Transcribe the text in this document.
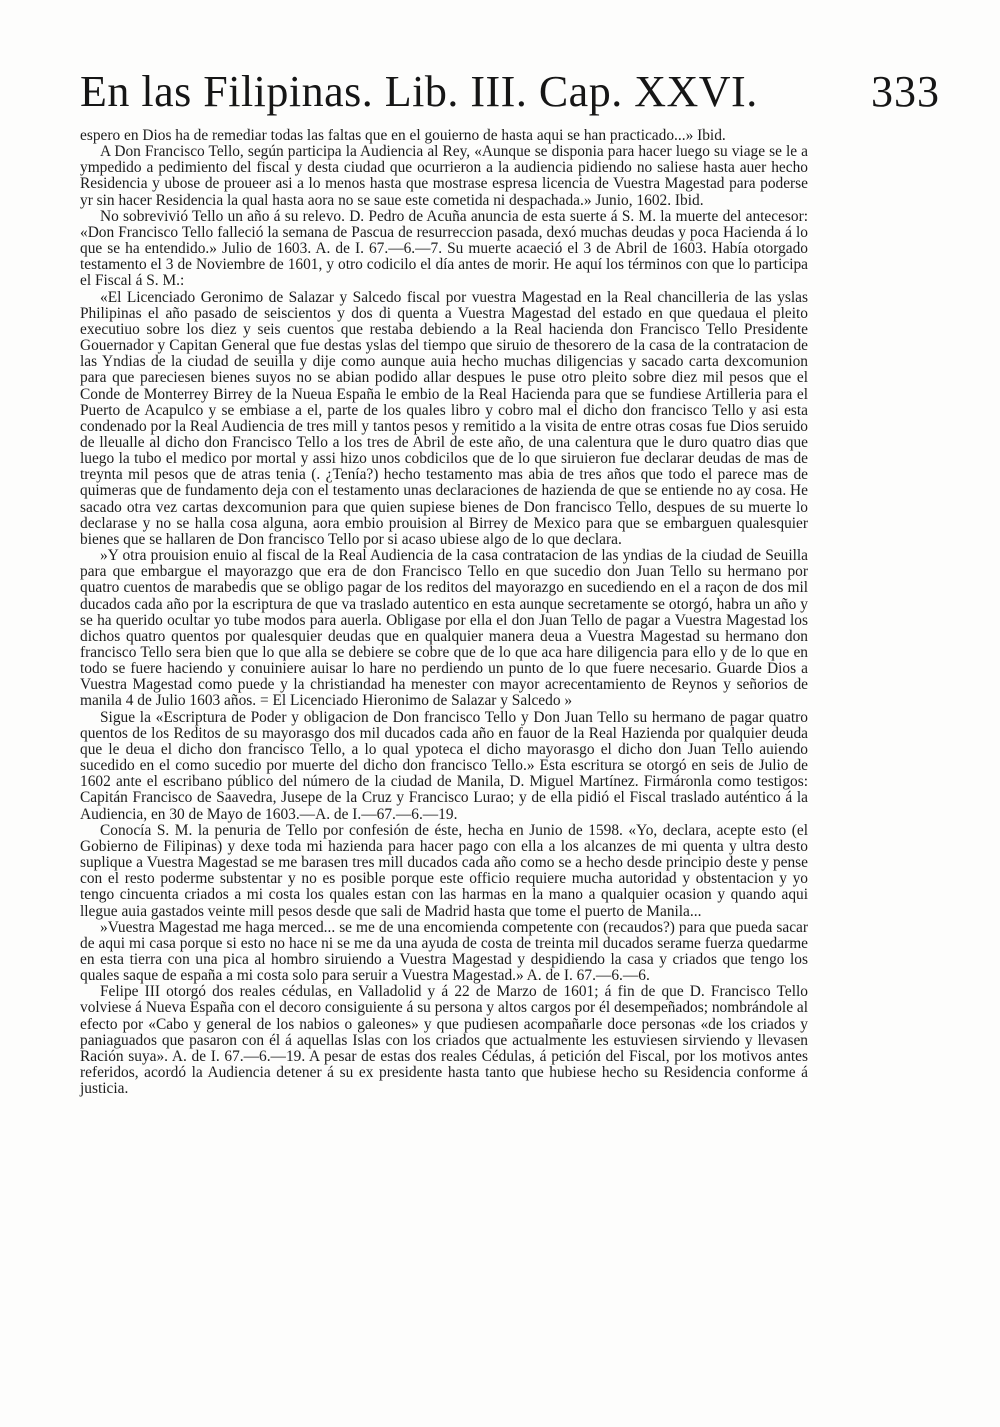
En las Filipinas. Lib. III. Cap. XXVI.	333

espero en Dios ha de remediar todas las faltas que en el gouierno de hasta aqui se han practicado...» Ibid.

A Don Francisco Tello, según participa la Audiencia al Rey, «Aunque se disponia para hacer luego su viage se le a ympedido a pedimiento del fiscal y desta ciudad que ocurrieron a la audiencia pidiendo no saliese hasta auer hecho Residencia y ubose de proueer asi a lo menos hasta que mostrase espresa licencia de Vuestra Magestad para poderse yr sin hacer Residencia la qual hasta aora no se saue este cometida ni despachada.» Junio, 1602. Ibid.

No sobrevivió Tello un año á su relevo. D. Pedro de Acuña anuncia de esta suerte á S. M. la muerte del antecesor: «Don Francisco Tello falleció la semana de Pascua de resurreccion pasada, dexó muchas deudas y poca Hacienda á lo que se ha entendido.» Julio de 1603. A. de I. 67.—6.—7. Su muerte acaeció el 3 de Abril de 1603. Había otorgado testamento el 3 de Noviembre de 1601, y otro codicilo el día antes de morir. He aquí los términos con que lo participa el Fiscal á S. M.:

«El Licenciado Geronimo de Salazar y Salcedo fiscal por vuestra Magestad en la Real chancilleria de las yslas Philipinas el año pasado de seiscientos y dos di quenta a Vuestra Magestad del estado en que quedaua el pleito executiuo sobre los diez y seis cuentos que restaba debiendo a la Real hacienda don Francisco Tello Presidente Gouernador y Capitan General que fue destas yslas del tiempo que siruio de thesorero de la casa de la contratacion de las Yndias de la ciudad de seuilla y dije como aunque auia hecho muchas diligencias y sacado carta dexcomunion para que pareciesen bienes suyos no se abian podido allar despues le puse otro pleito sobre diez mil pesos que el Conde de Monterrey Birrey de la Nueua España le embio de la Real Hacienda para que se fundiese Artilleria para el Puerto de Acapulco y se embiase a el, parte de los quales libro y cobro mal el dicho don francisco Tello y asi esta condenado por la Real Audiencia de tres mill y tantos pesos y remitido a la visita de entre otras cosas fue Dios seruido de lleualle al dicho don Francisco Tello a los tres de Abril de este año, de una calentura que le duro quatro dias que luego la tubo el medico por mortal y assi hizo unos cobdicilos que de lo que siruieron fue declarar deudas de mas de treynta mil pesos que de atras tenia (. ¿Tenía?) hecho testamento mas abia de tres años que todo el parece mas de quimeras que de fundamento deja con el testamento unas declaraciones de hazienda de que se entiende no ay cosa. He sacado otra vez cartas dexcomunion para que quien supiese bienes de Don francisco Tello, despues de su muerte lo declarase y no se halla cosa alguna, aora embio prouision al Birrey de Mexico para que se embarguen qualesquier bienes que se hallaren de Don francisco Tello por si acaso ubiese algo de lo que declara.

»Y otra prouision enuio al fiscal de la Real Audiencia de la casa contratacion de las yndias de la ciudad de Seuilla para que embargue el mayorazgo que era de don Francisco Tello en que sucedio don Juan Tello su hermano por quatro cuentos de marabedis que se obligo pagar de los reditos del mayorazgo en sucediendo en el a raçon de dos mil ducados cada año por la escriptura de que va traslado autentico en esta aunque secretamente se otorgó, habra un año y se ha querido ocultar yo tube modos para auerla. Obligase por ella el don Juan Tello de pagar a Vuestra Magestad los dichos quatro quentos por qualesquier deudas que en qualquier manera deua a Vuestra Magestad su hermano don francisco Tello sera bien que lo que alla se debiere se cobre que de lo que aca hare diligencia para ello y de lo que en todo se fuere haciendo y conuiniere auisar lo hare no perdiendo un punto de lo que fuere necesario. Guarde Dios a Vuestra Magestad como puede y la christiandad ha menester con mayor acrecentamiento de Reynos y señorios de manila 4 de Julio 1603 años. = El Licenciado Hieronimo de Salazar y Salcedo »

Sigue la «Escriptura de Poder y obligacion de Don francisco Tello y Don Juan Tello su hermano de pagar quatro quentos de los Reditos de su mayorasgo dos mil ducados cada año en fauor de la Real Hazienda por qualquier deuda que le deua el dicho don francisco Tello, a lo qual ypoteca el dicho mayorasgo el dicho don Juan Tello auiendo sucedido en el como sucedio por muerte del dicho don francisco Tello.» Esta escritura se otorgó en seis de Julio de 1602 ante el escribano público del número de la ciudad de Manila, D. Miguel Martínez. Firmáronla como testigos: Capitán Francisco de Saavedra, Jusepe de la Cruz y Francisco Lurao; y de ella pidió el Fiscal traslado auténtico á la Audiencia, en 30 de Mayo de 1603.—A. de I.—67.—6.—19.

Conocía S. M. la penuria de Tello por confesión de éste, hecha en Junio de 1598. «Yo, declara, acepte esto (el Gobierno de Filipinas) y dexe toda mi hazienda para hacer pago con ella a los alcanzes de mi quenta y ultra desto suplique a Vuestra Magestad se me barasen tres mill ducados cada año como se a hecho desde principio deste y pense con el resto poderme substentar y no es posible porque este officio requiere mucha autoridad y obstentacion y yo tengo cincuenta criados a mi costa los quales estan con las harmas en la mano a qualquier ocasion y quando aqui llegue auia gastados veinte mill pesos desde que sali de Madrid hasta que tome el puerto de Manila...

»Vuestra Magestad me haga merced... se me de una encomienda competente con (recaudos?) para que pueda sacar de aqui mi casa porque si esto no hace ni se me da una ayuda de costa de treinta mil ducados serame fuerza quedarme en esta tierra con una pica al hombro siruiendo a Vuestra Magestad y despidiendo la casa y criados que tengo los quales saque de españa a mi costa solo para seruir a Vuestra Magestad.» A. de I. 67.—6.—6.

Felipe III otorgó dos reales cédulas, en Valladolid y á 22 de Marzo de 1601; á fin de que D. Francisco Tello volviese á Nueva España con el decoro consiguiente á su persona y altos cargos por él desempeñados; nombrándole al efecto por «Cabo y general de los nabios o galeones» y que pudiesen acompañarle doce personas «de los criados y paniaguados que pasaron con él á aquellas Islas con los criados que actualmente les estuviesen sirviendo y llevasen Ración suya». A. de I. 67.—6.—19. A pesar de estas dos reales Cédulas, á petición del Fiscal, por los motivos antes referidos, acordó la Audiencia detener á su ex presidente hasta tanto que hubiese hecho su Residencia conforme á justicia.
